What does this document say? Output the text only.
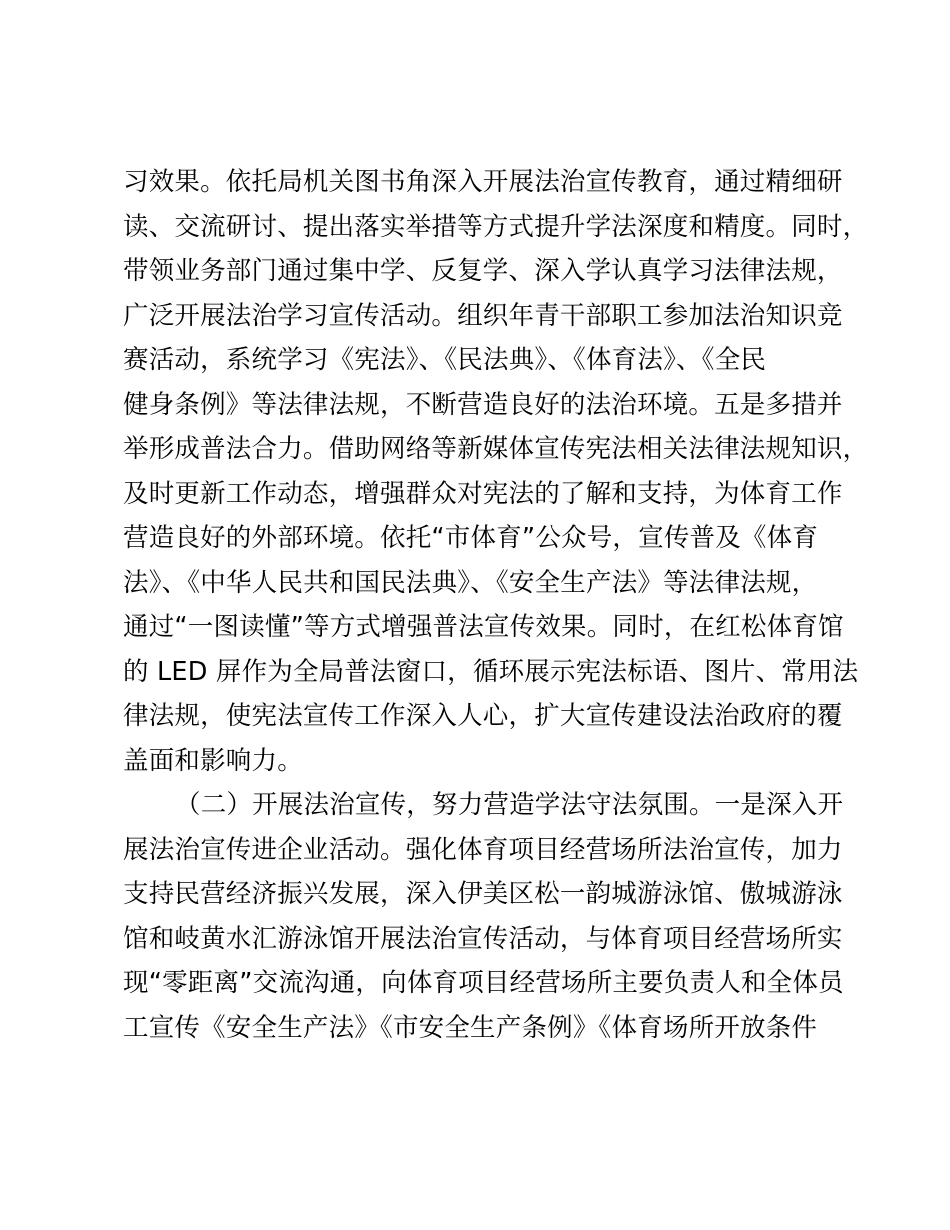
习效果。依托局机关图书角深入开展法治宣传教育，通过精细研
读、交流研讨、提出落实举措等方式提升学法深度和精度。同时，
带领业务部门通过集中学、反复学、深入学认真学习法律法规，
广泛开展法治学习宣传活动。组织年青干部职工参加法治知识竞
赛活动，系统学习《宪法》、《民法典》、《体育法》、《全民
健身条例》等法律法规，不断营造良好的法治环境。五是多措并
举形成普法合力。借助网络等新媒体宣传宪法相关法律法规知识，
及时更新工作动态，增强群众对宪法的了解和支持，为体育工作
营造良好的外部环境。依托“市体育”公众号，宣传普及《体育
法》、《中华人民共和国民法典》、《安全生产法》等法律法规，
通过“一图读懂”等方式增强普法宣传效果。同时，在红松体育馆
的 LED 屏作为全局普法窗口，循环展示宪法标语、图片、常用法
律法规，使宪法宣传工作深入人心，扩大宣传建设法治政府的覆
盖面和影响力。
（二）开展法治宣传，努力营造学法守法氛围。一是深入开
展法治宣传进企业活动。强化体育项目经营场所法治宣传，加力
支持民营经济振兴发展，深入伊美区松一韵城游泳馆、傲城游泳
馆和岐黄水汇游泳馆开展法治宣传活动，与体育项目经营场所实
现“零距离”交流沟通，向体育项目经营场所主要负责人和全体员
工宣传《安全生产法》《市安全生产条例》《体育场所开放条件
